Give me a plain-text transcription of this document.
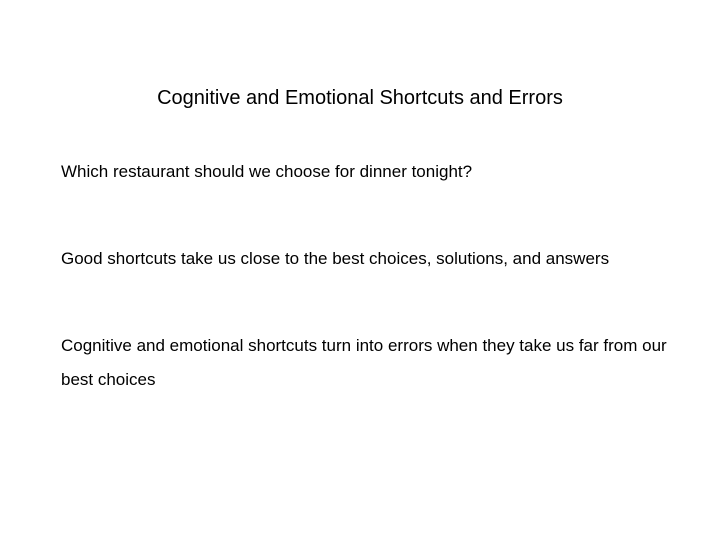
Cognitive and Emotional Shortcuts and Errors

Which restaurant should we choose for dinner tonight?

Good shortcuts take us close to the best choices, solutions, and answers

Cognitive and emotional shortcuts turn into errors when they take us far from our best choices
